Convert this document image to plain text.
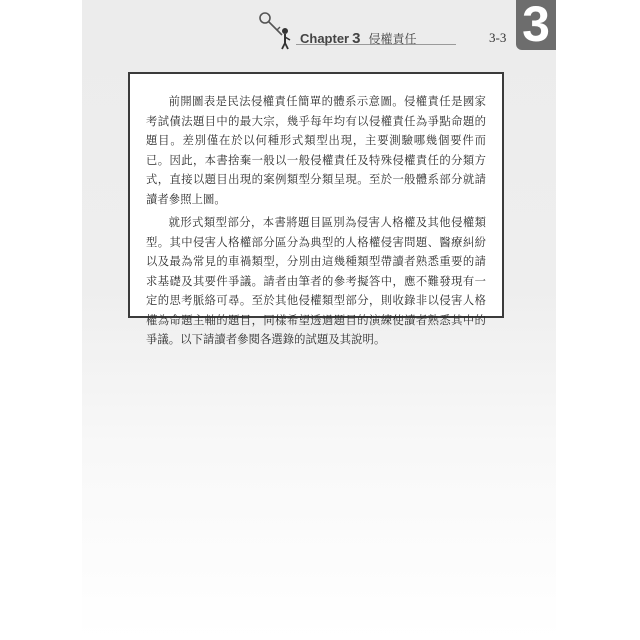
Chapter 3 侵權責任	3-3 3

前開圖表是民法侵權責任簡單的體系示意圖。侵權責任是國家考試債法題目中的最大宗，幾乎每年均有以侵權責任為爭點命題的題目。差別僅在於以何種形式類型出現，主要測驗哪幾個要件而已。因此，本書捨棄一般以一般侵權責任及特殊侵權責任的分類方式，直接以題目出現的案例類型分類呈現。至於一般體系部分就請讀者參照上圖。

就形式類型部分，本書將題目區別為侵害人格權及其他侵權類型。其中侵害人格權部分區分為典型的人格權侵害問題、醫療糾紛以及最為常見的車禍類型，分別由這幾種類型帶讀者熟悉重要的請求基礎及其要件爭議。請者由筆者的參考擬答中，應不難發現有一定的思考脈絡可尋。至於其他侵權類型部分，則收錄非以侵害人格權為命題主軸的題目，同樣希望透過題目的演練使讀者熟悉其中的爭議。以下請讀者參閱各選錄的試題及其說明。
